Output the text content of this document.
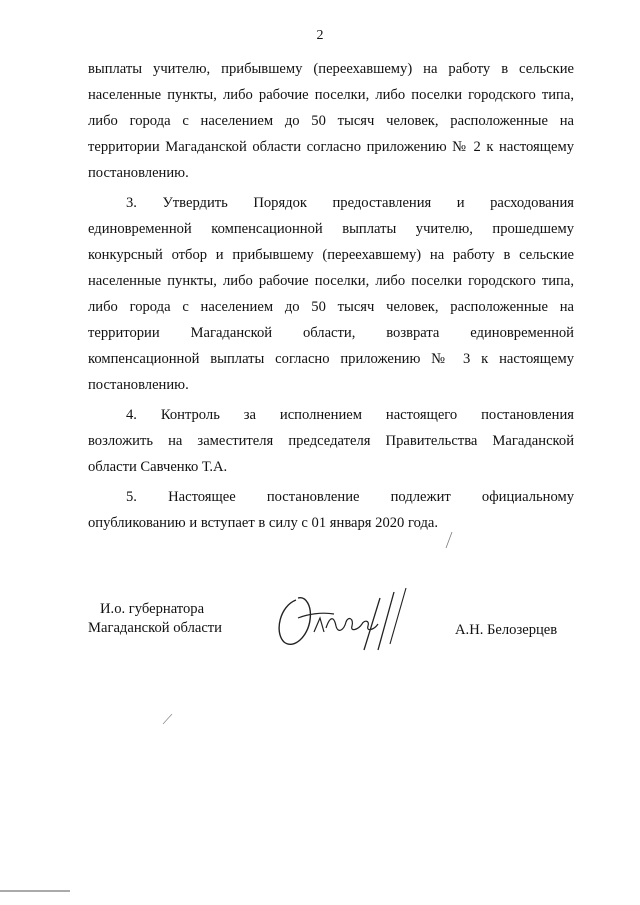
2

выплаты учителю, прибывшему (переехавшему) на работу в сельские
населенные пункты, либо рабочие поселки, либо поселки городского типа,
либо города с населением до 50 тысяч человек, расположенные на
территории Магаданской области согласно приложению № 2 к настоящему
постановлению.

3. Утвердить Порядок предоставления и расходования
единовременной компенсационной выплаты учителю, прошедшему
конкурсный отбор и прибывшему (переехавшему) на работу в сельские
населенные пункты, либо рабочие поселки, либо поселки городского типа,
либо города с населением до 50 тысяч человек, расположенные на
территории Магаданской области, возврата единовременной
компенсационной выплаты согласно приложению № 3 к настоящему
постановлению.

4. Контроль за исполнением настоящего постановления
возложить на заместителя председателя Правительства Магаданской
области Савченко Т.А.

5. Настоящее постановление подлежит официальному
опубликованию и вступает в силу с 01 января 2020 года.

И.о. губернатора
Магаданской области	А.Н. Белозерцев
